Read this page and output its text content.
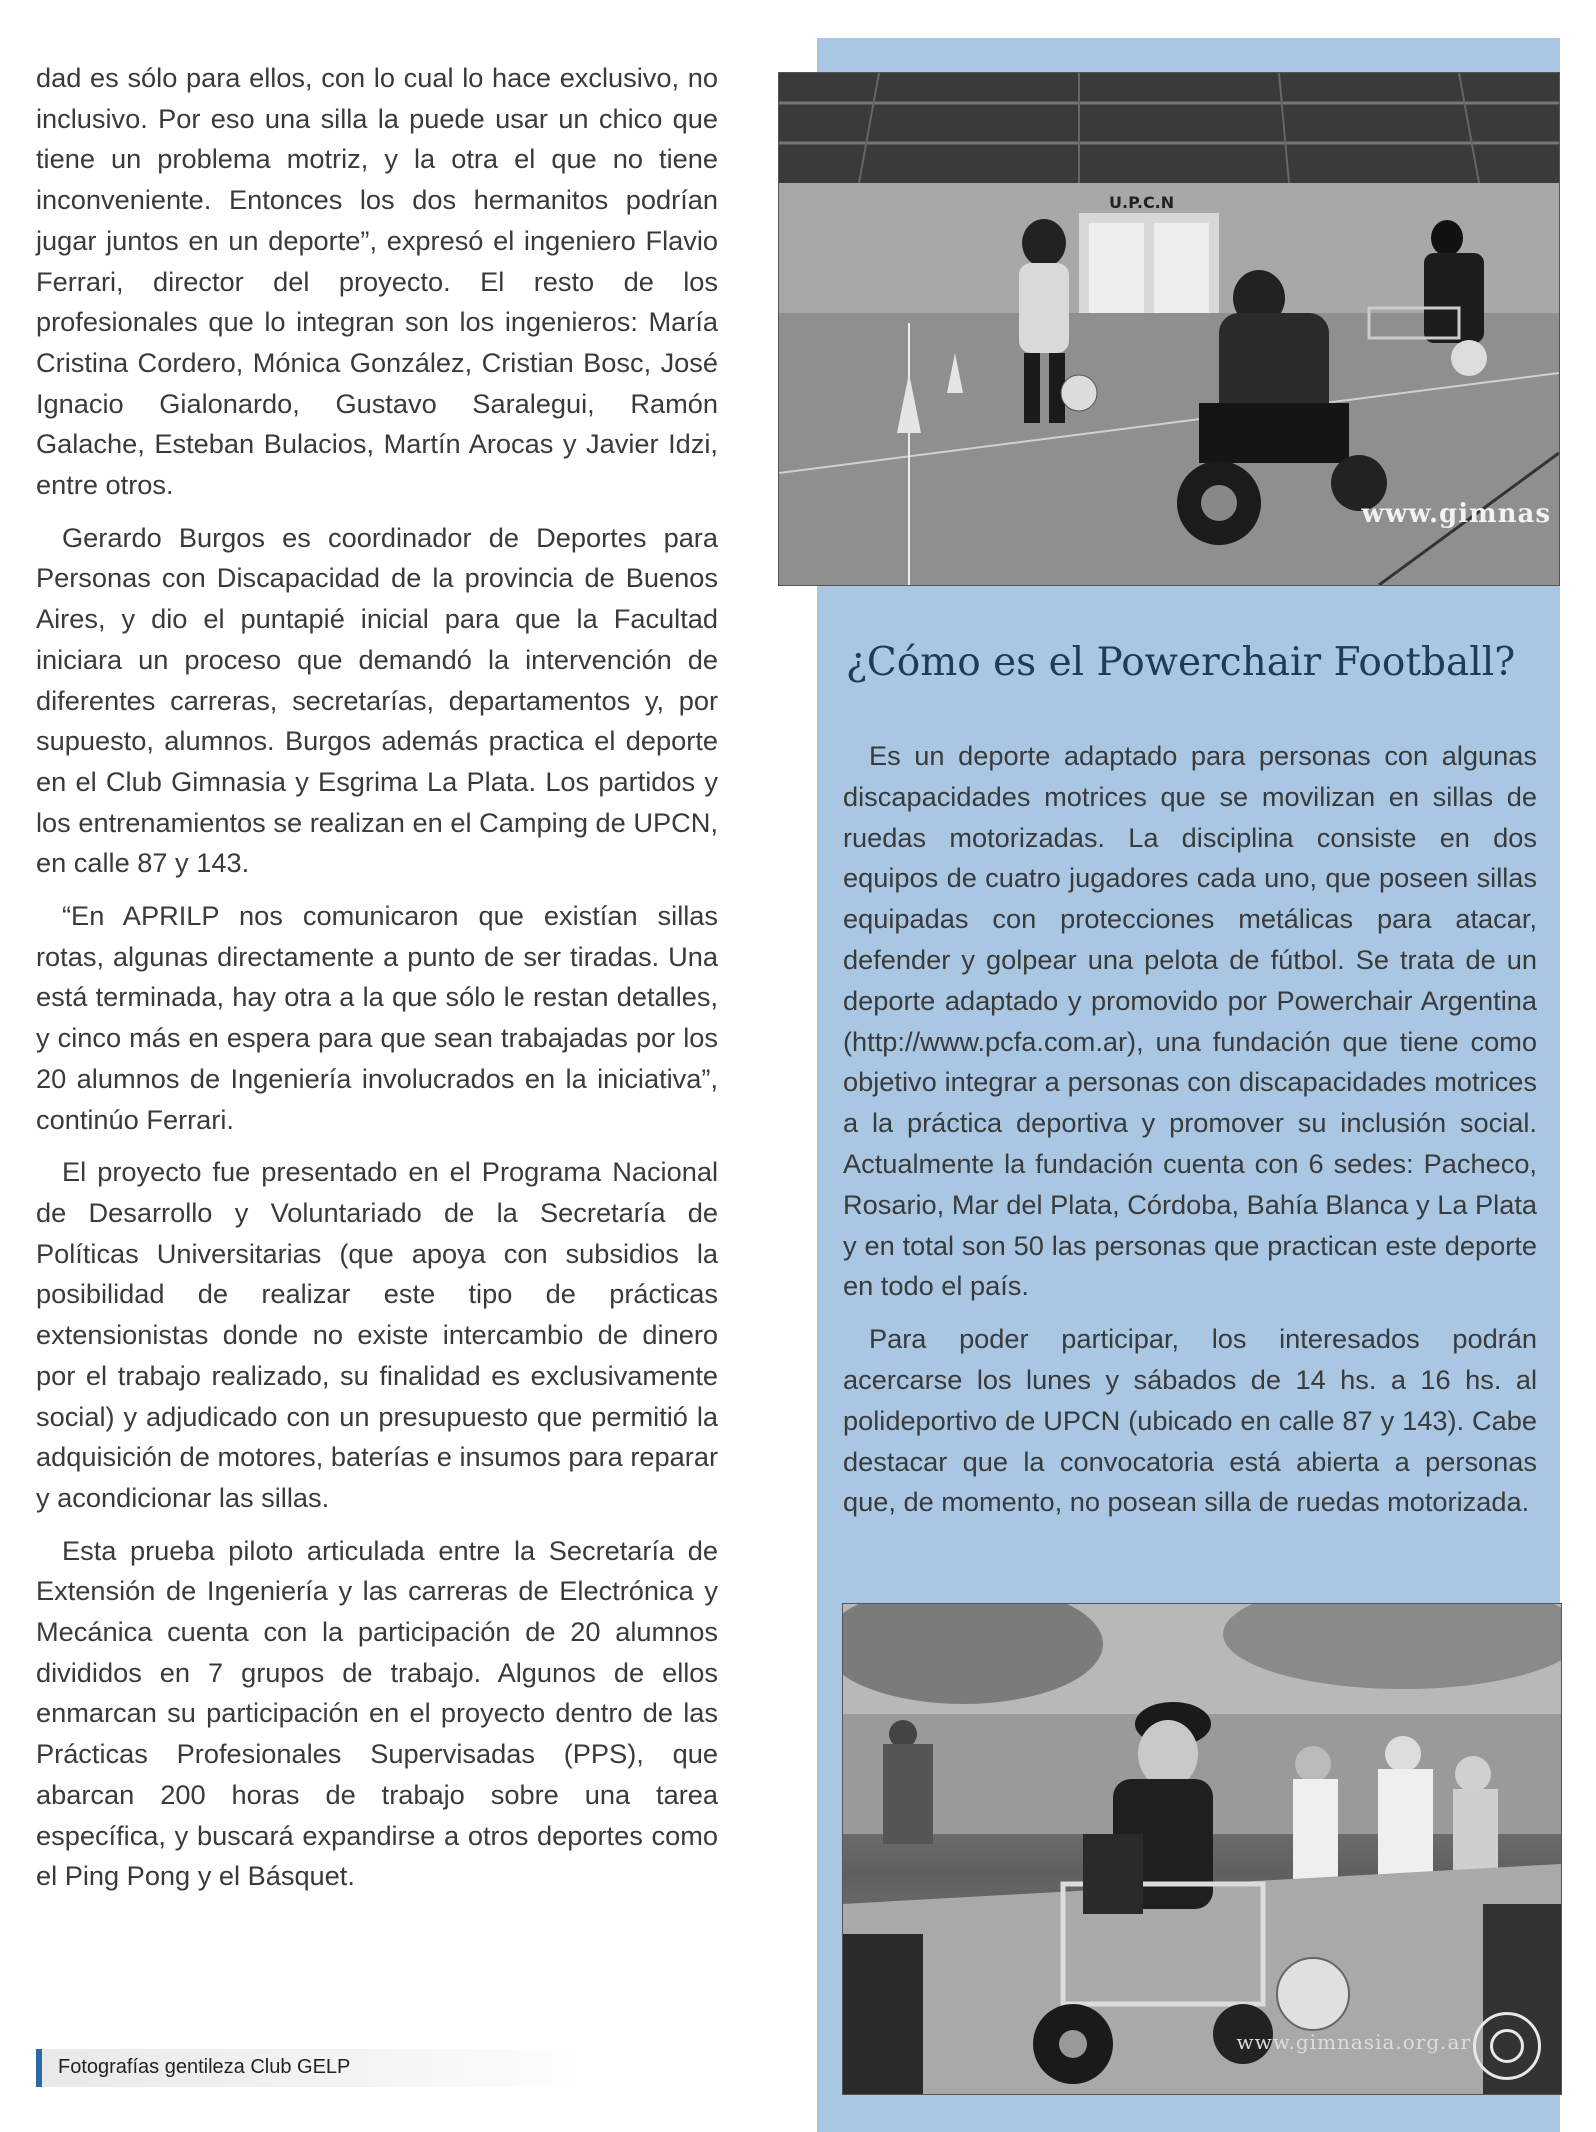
dad es sólo para ellos, con lo cual lo hace exclusivo, no inclusivo. Por eso una silla la puede usar un chico que tiene un problema motriz, y la otra el que no tiene inconveniente. Entonces los dos hermanitos podrían jugar juntos en un deporte”, expresó el ingeniero Flavio Ferrari, director del proyecto. El resto de los profesionales que lo integran son los ingenieros: María Cristina Cordero, Mónica González, Cristian Bosc, José Ignacio Gialonardo, Gustavo Saralegui, Ramón Galache, Esteban Bulacios, Martín Arocas y Javier Idzi, entre otros.

Gerardo Burgos es coordinador de Deportes para Personas con Discapacidad de la provincia de Buenos Aires, y dio el puntapié inicial para que la Facultad iniciara un proceso que demandó la intervención de diferentes carreras, secretarías, departamentos y, por supuesto, alumnos. Burgos además practica el deporte en el Club Gimnasia y Esgrima La Plata. Los partidos y los entrenamientos se realizan en el Camping de UPCN, en calle 87 y 143.

“En APRILP nos comunicaron que existían sillas rotas, algunas directamente a punto de ser tiradas. Una está terminada, hay otra a la que sólo le restan detalles, y cinco más en espera para que sean trabajadas por los 20 alumnos de Ingeniería involucrados en la iniciativa”, continúo Ferrari.

El proyecto fue presentado en el Programa Nacional de Desarrollo y Voluntariado de la Secretaría de Políticas Universitarias (que apoya con subsidios la posibilidad de realizar este tipo de prácticas extensionistas donde no existe intercambio de dinero por el trabajo realizado, su finalidad es exclusivamente social) y adjudicado con un presupuesto que permitió la adquisición de motores, baterías e insumos para reparar y acondicionar las sillas.

Esta prueba piloto articulada entre la Secretaría de Extensión de Ingeniería y las carreras de Electrónica y Mecánica cuenta con la participación de 20 alumnos divididos en 7 grupos de trabajo. Algunos de ellos enmarcan su participación en el proyecto dentro de las Prácticas Profesionales Supervisadas (PPS), que abarcan 200 horas de trabajo sobre una tarea específica, y buscará expandirse a otros deportes como el Ping Pong y el Básquet.

U.P.C.N
www.gimnas
¿Cómo es el Powerchair Football?

Es un deporte adaptado para personas con algunas discapacidades motrices que se movilizan en sillas de ruedas motorizadas. La disciplina consiste en dos equipos de cuatro jugadores cada uno, que poseen sillas equipadas con protecciones metálicas para atacar, defender y golpear una pelota de fútbol. Se trata de un deporte adaptado y promovido por Powerchair Argentina (http://www.pcfa.com.ar), una fundación que tiene como objetivo integrar a personas con discapacidades motrices a la práctica deportiva y promover su inclusión social. Actualmente la fundación cuenta con 6 sedes: Pacheco, Rosario, Mar del Plata, Córdoba, Bahía Blanca y La Plata y en total son 50 las personas que practican este deporte en todo el país.

Para poder participar, los interesados podrán acercarse los lunes y sábados de 14 hs. a 16 hs. al polideportivo de UPCN (ubicado en calle 87 y 143). Cabe destacar que la convocatoria está abierta a personas que, de momento, no posean silla de ruedas motorizada.

www.gimnasia.org.ar
Fotografías gentileza Club GELP
